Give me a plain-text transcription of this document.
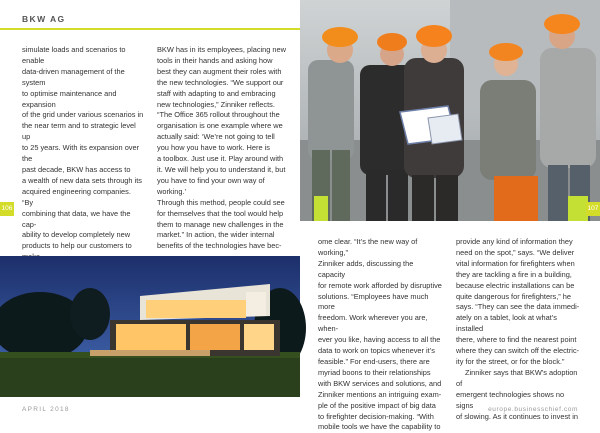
BKW AG

simulate loads and scenarios to enable

data-driven management of the system

to optimise maintenance and expansion

of the grid under various scenarios in

the near term and to strategic level up

to 25 years. With its expansion over the

past decade, BKW has access to

a wealth of new data sets through its

acquired engineering companies. “By

combining that data, we have the cap-

ability to develop completely new

products to help our customers to

BKW has in its employees, placing new

tools in their hands and asking how

best they can augment their roles with

the new technologies. “We support our

staff with adapting to and embracing

new technologies,” Zinniker reflects.

“The Office 365 rollout throughout the

organisation is one example where we

actually said: ‘We’re not going to tell

you how you have to work. Here is

a toolbox. Just use it. Play around with

it. We will help you to understand it, but

you have to find your own way of working.’

Through this method, people could see

for themselves that the tool would help

them to manage new challenges in the

market.” In action, the wider internal

benefits of the technologies have bec-

106	107

ome clear. “It’s the new way of working,”

Zinniker adds, discussing the capacity

for remote work afforded by disruptive

solutions. “Employees have much more

freedom. Work wherever you are, when-

ever you like, having access to all the

data to work on topics whenever it’s

feasible.” For end-users, there are

myriad boons to their relationships

with BKW services and solutions, and

Zinniker mentions an intriguing exam-

ple of the positive impact of big data

to firefighter decision-making. “With

mobile tools we have the capability to

provide any kind of information they

need on the spot,” says. “We deliver

vital information for firefighters when

they are tackling a fire in a building,

because electric installations can be

quite dangerous for firefighters,” he

says. “They can see the data immedi-

ately on a tablet, look at what’s installed

there, where to find the nearest point

where they can switch off the electric-

ity for the street, or for the block.”

Zinniker says that BKW’s adoption of

emergent technologies shows no signs

of slowing. As it continues to invest in

APRIL 2018	europe.businesschief.com
